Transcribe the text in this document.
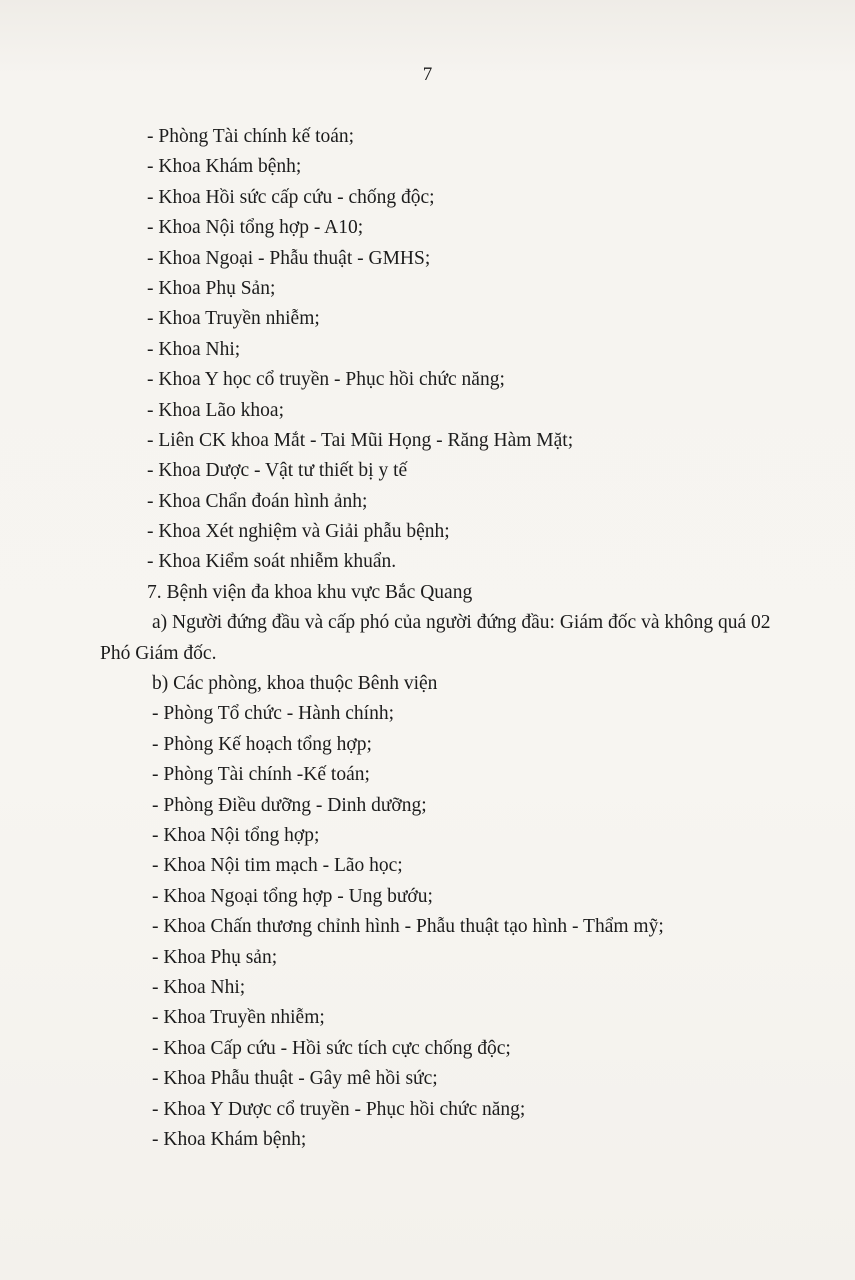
7
- Phòng Tài chính kế toán;
- Khoa Khám bệnh;
- Khoa Hồi sức cấp cứu - chống độc;
- Khoa Nội tổng hợp - A10;
- Khoa Ngoại - Phẫu thuật - GMHS;
- Khoa Phụ Sản;
- Khoa Truyền nhiễm;
- Khoa Nhi;
- Khoa Y học cổ truyền - Phục hồi chức năng;
- Khoa Lão khoa;
- Liên CK khoa Mắt - Tai Mũi Họng - Răng Hàm Mặt;
- Khoa Dược - Vật tư thiết bị y tế
- Khoa Chẩn đoán hình ảnh;
- Khoa Xét nghiệm và Giải phẫu bệnh;
- Khoa Kiểm soát nhiễm khuẩn.
7. Bệnh viện đa khoa khu vực Bắc Quang
a) Người đứng đầu và cấp phó của người đứng đầu: Giám đốc và không quá 02
Phó Giám đốc.
b) Các phòng, khoa thuộc Bênh viện
- Phòng Tổ chức - Hành chính;
- Phòng Kế hoạch tổng hợp;
- Phòng Tài chính -Kế toán;
- Phòng Điều dưỡng - Dinh dưỡng;
- Khoa Nội tổng hợp;
- Khoa Nội tim mạch - Lão học;
- Khoa Ngoại tổng hợp - Ung bướu;
- Khoa Chấn thương chỉnh hình - Phẫu thuật tạo hình - Thẩm mỹ;
- Khoa Phụ sản;
- Khoa Nhi;
- Khoa Truyền nhiễm;
- Khoa Cấp cứu - Hồi sức tích cực chống độc;
- Khoa Phẫu thuật - Gây mê hồi sức;
- Khoa Y Dược cổ truyền - Phục hồi chức năng;
- Khoa Khám bệnh;
